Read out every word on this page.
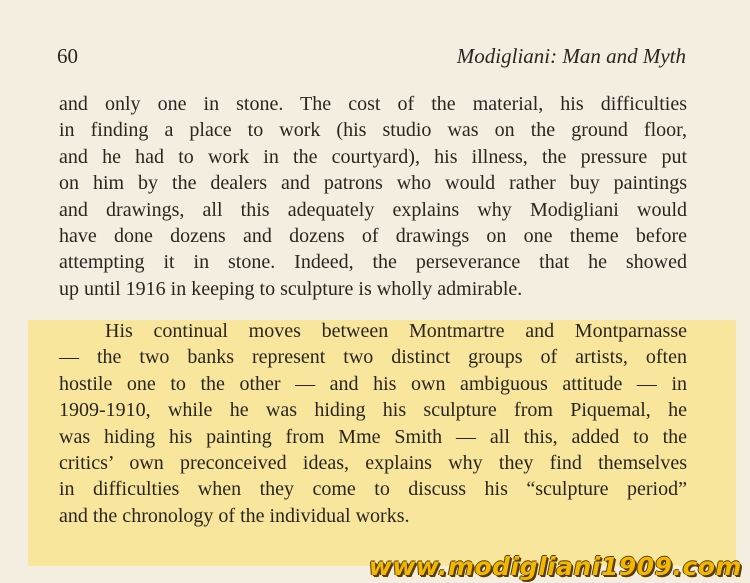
60	Modigliani: Man and Myth

and only one in stone. The cost of the material, his difficulties
in finding a place to work (his studio was on the ground floor,
and he had to work in the courtyard), his illness, the pressure put
on him by the dealers and patrons who would rather buy paintings
and drawings, all this adequately explains why Modigliani would
have done dozens and dozens of drawings on one theme before
attempting it in stone. Indeed, the perseverance that he showed
up until 1916 in keeping to sculpture is wholly admirable.

His continual moves between Montmartre and Montparnasse
— the two banks represent two distinct groups of artists, often
hostile one to the other — and his own ambiguous attitude — in
1909-1910, while he was hiding his sculpture from Piquemal, he
was hiding his painting from Mme Smith — all this, added to the
critics’ own preconceived ideas, explains why they find themselves
in difficulties when they come to discuss his “sculpture period”
and the chronology of the individual works.

www.modigliani1909.com
